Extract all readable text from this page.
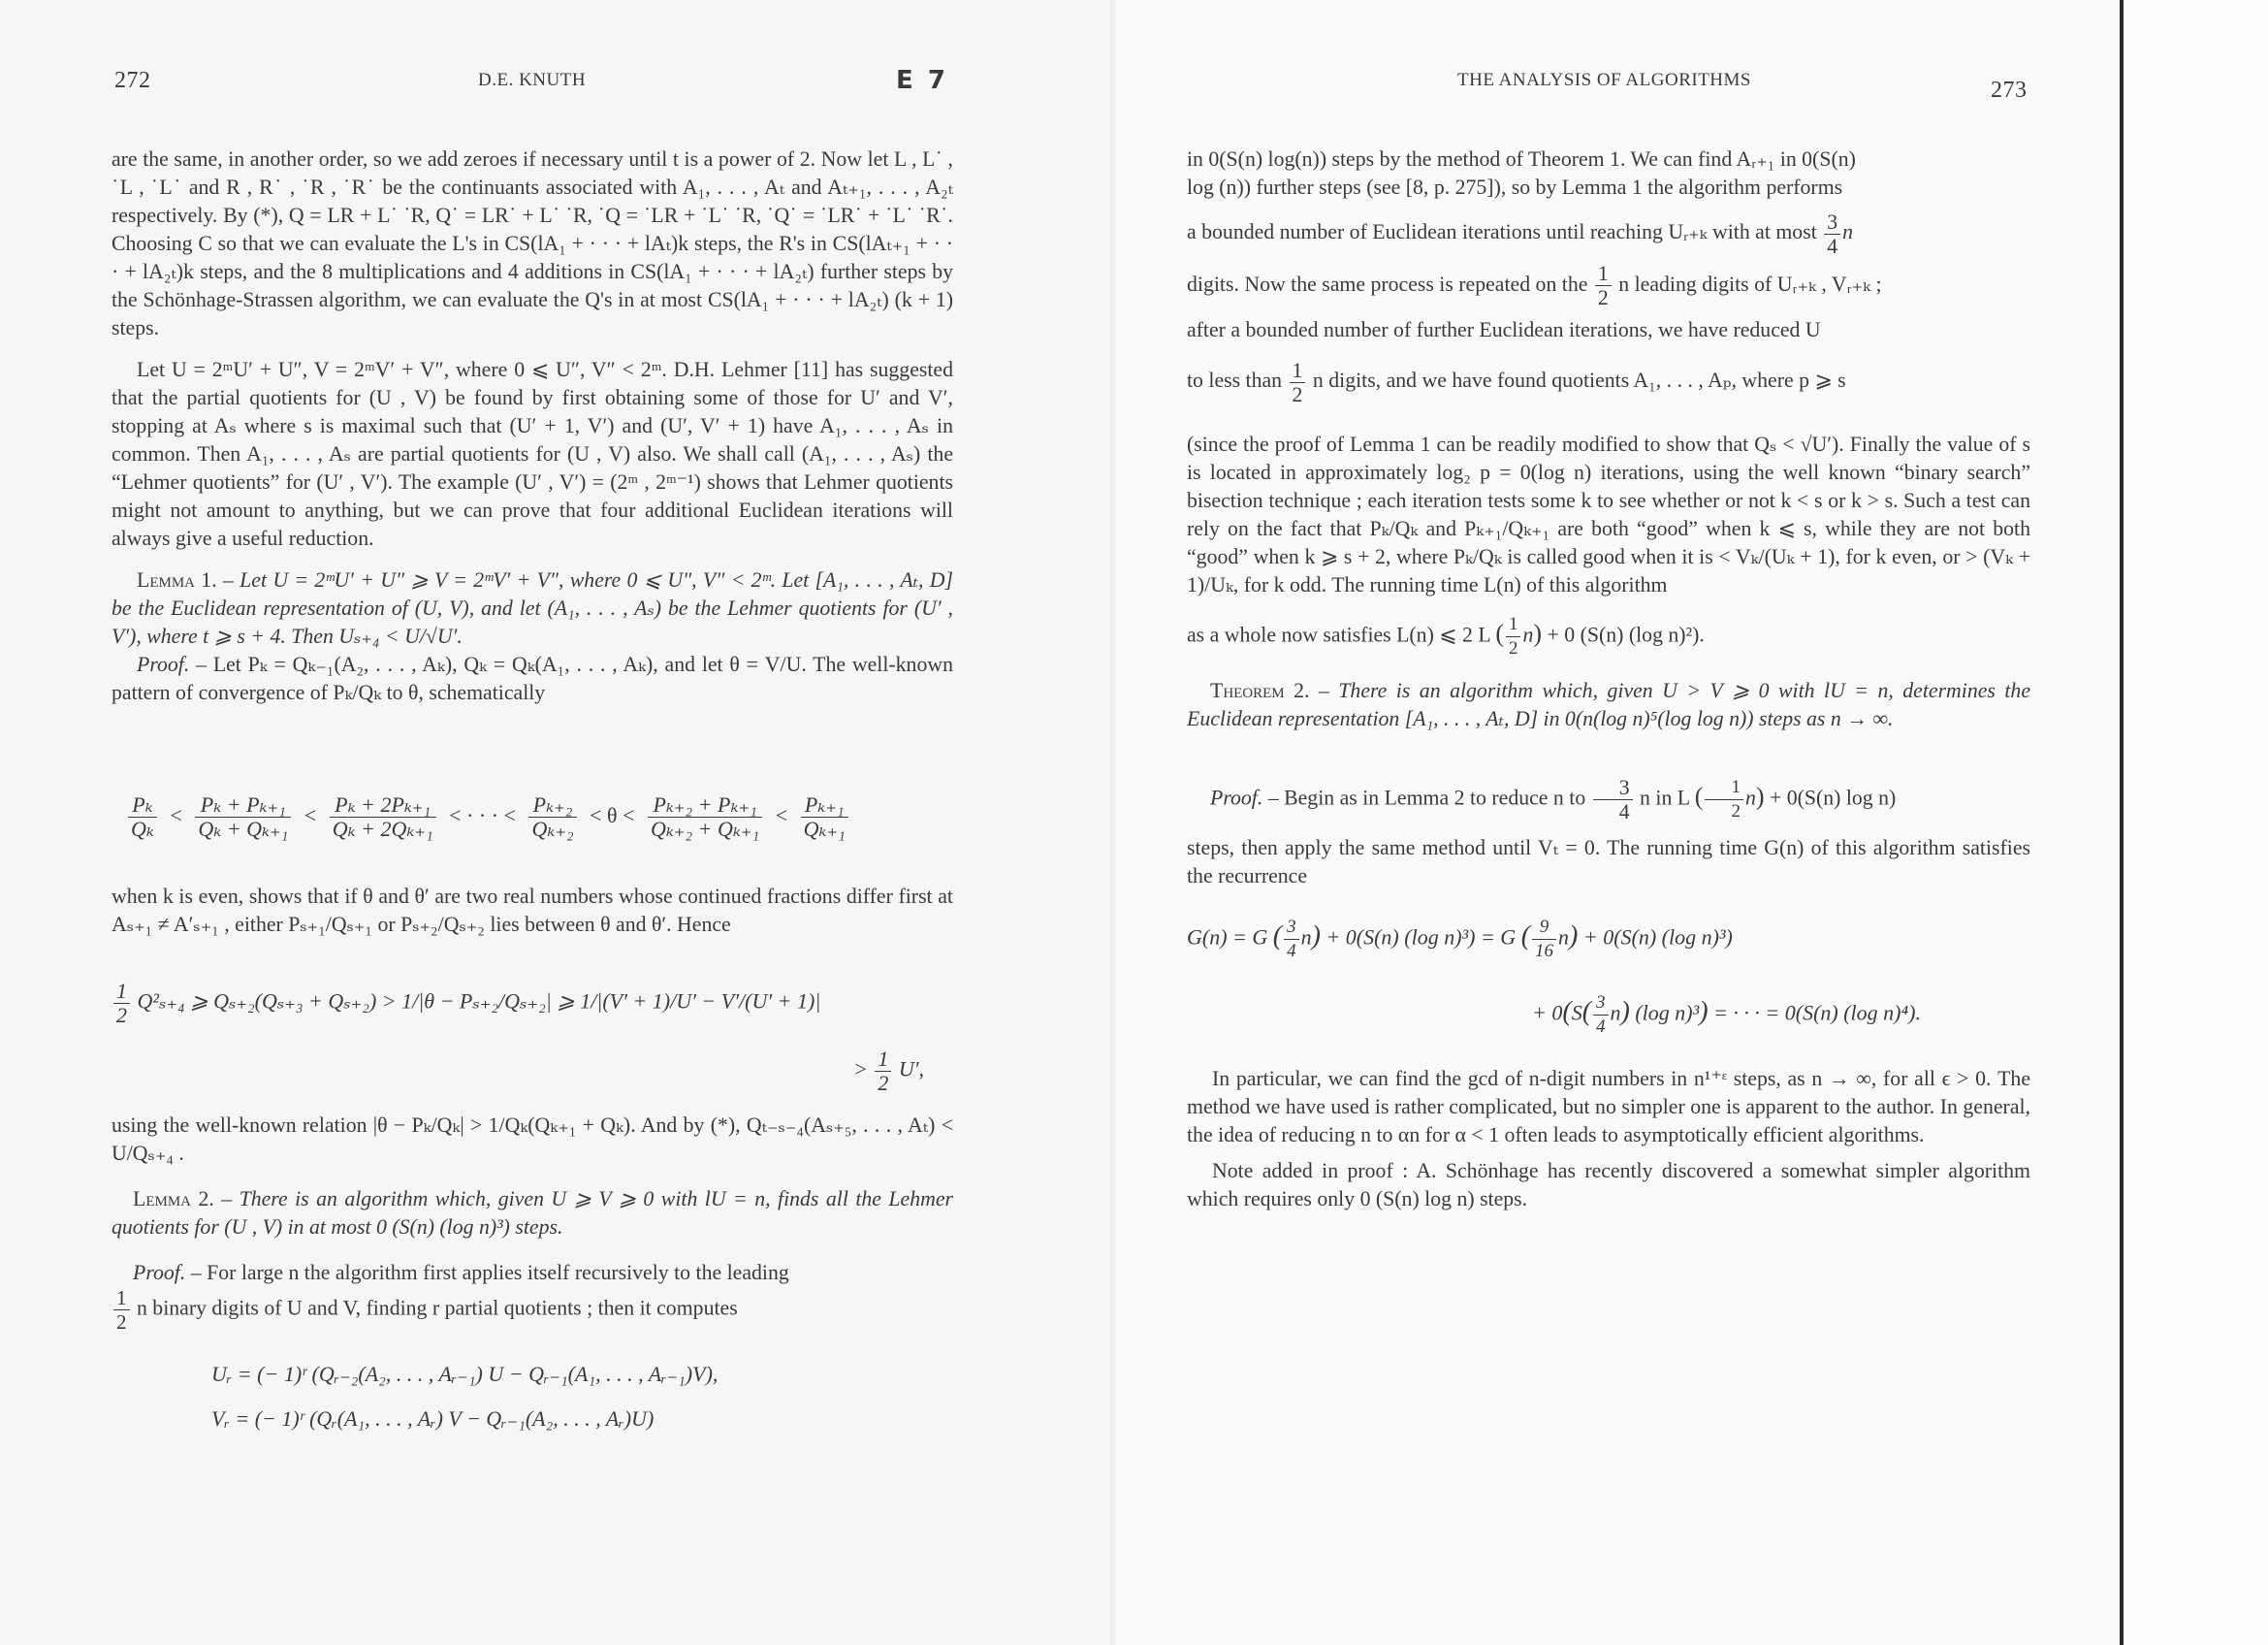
272	D.E. KNUTH	E 7

are the same, in another order, so we add zeroes if necessary until t is a power of 2. Now let L , L˙ , ˙L , ˙L˙ and R , R˙ , ˙R , ˙R˙ be the continuants associated with A₁, . . . , Aₜ and Aₜ₊₁, . . . , A₂ₜ respectively. By (*), Q = LR + L˙ ˙R, Q˙ = LR˙ + L˙ ˙R, ˙Q = ˙LR + ˙L˙ ˙R, ˙Q˙ = ˙LR˙ + ˙L˙ ˙R˙. Choosing C so that we can evaluate the L's in CS(lA₁ + · · · + lAₜ)k steps, the R's in CS(lAₜ₊₁ + · · · + lA₂ₜ)k steps, and the 8 multiplications and 4 additions in CS(lA₁ + · · · + lA₂ₜ) further steps by the Schönhage-Strassen algorithm, we can evaluate the Q's in at most CS(lA₁ + · · · + lA₂ₜ) (k + 1) steps.

Let U = 2ᵐU′ + U″, V = 2ᵐV′ + V″, where 0 ⩽ U″, V″ < 2ᵐ. D.H. Lehmer [11] has suggested that the partial quotients for (U , V) be found by first obtaining some of those for U′ and V′, stopping at Aₛ where s is maximal such that (U′ + 1, V′) and (U′, V′ + 1) have A₁, . . . , Aₛ in common. Then A₁, . . . , Aₛ are partial quotients for (U , V) also. We shall call (A₁, . . . , Aₛ) the “Lehmer quotients” for (U′ , V′). The example (U′ , V′) = (2ᵐ , 2ᵐ⁻¹) shows that Lehmer quotients might not amount to anything, but we can prove that four additional Euclidean iterations will always give a useful reduction.

Lemma 1. – Let U = 2ᵐU′ + U″ ⩾ V = 2ᵐV′ + V″, where 0 ⩽ U″, V″ < 2ᵐ. Let [A₁, . . . , Aₜ, D] be the Euclidean representation of (U, V), and let (A₁, . . . , Aₛ) be the Lehmer quotients for (U′ , V′), where t ⩾ s + 4. Then Uₛ₊₄ < U/√U′.

Proof. – Let Pₖ = Qₖ₋₁(A₂, . . . , Aₖ), Qₖ = Qₖ(A₁, . . . , Aₖ), and let θ = V/U. The well-known pattern of convergence of Pₖ/Qₖ to θ, schematically

$\frac{\text{Pₖ}}{\text{Qₖ}} < \frac{\text{Pₖ + Pₖ₊₁}}{\text{Qₖ + Qₖ₊₁}} < \frac{\text{Pₖ + 2Pₖ₊₁}}{\text{Qₖ + 2Qₖ₊₁}}$ < · · · < $\frac{\text{Pₖ₊₂}}{\text{Qₖ₊₂}} < \theta < \frac{\text{Pₖ₊₂ + Pₖ₊₁}}{\text{Qₖ₊₂ + Qₖ₊₁}} < \frac{\text{Pₖ₊₁}}{\text{Qₖ₊₁}}$
when k is even, shows that if θ and θ′ are two real numbers whose continued fractions differ first at Aₛ₊₁ ≠ A′ₛ₊₁ , either Pₛ₊₁/Qₛ₊₁ or Pₛ₊₂/Qₛ₊₂ lies between θ and θ′. Hence
$\frac{1}{2} Q^2_{s+4}$ ⩾ Qₛ₊₂(Qₛ₊₃ + Qₛ₊₂) > 1/|θ − Pₛ₊₂/Qₛ₊₂| ⩾ 1/|(V′ + 1)/U′ − V′/(U′ + 1)|
> $\frac{1}{2} U'$,
using the well-known relation |θ − Pₖ/Qₖ| > 1/Qₖ(Qₖ₊₁ + Qₖ). And by (*), Qₜ₋ₛ₋₄(Aₛ₊₅, . . . , Aₜ) < U/Qₛ₊₄ .
Lemma 2. – There is an algorithm which, given U ⩾ V ⩾ 0 with lU = n, finds all the Lehmer quotients for (U , V) in at most 0 (S(n) (log n)³) steps.
Proof. – For large n the algorithm first applies itself recursively to the leading
$\frac{1}{2}$ n binary digits of U and V, finding r partial quotients ; then it computes
Uᵣ = (− 1)ʳ (Qᵣ₋₂(A₂, . . . , Aᵣ₋₁) U − Qᵣ₋₁(A₁, . . . , Aᵣ₋₁)V),
Vᵣ = (− 1)ʳ (Qᵣ(A₁, . . . , Aᵣ) V − Qᵣ₋₁(A₂, . . . , Aᵣ)U)
THE ANALYSIS OF ALGORITHMS	273

in 0(S(n) log(n)) steps by the method of Theorem 1. We can find Aᵣ₊₁ in 0(S(n)

log (n)) further steps (see [8, p. 275]), so by Lemma 1 the algorithm performs

a bounded number of Euclidean iterations until reaching Uᵣ₊ₖ with at most $\frac{3}{4}$ n
digits. Now the same process is repeated on the $\frac{1}{2}$ n leading digits of Uᵣ₊ₖ , Vᵣ₊ₖ ;
after a bounded number of further Euclidean iterations, we have reduced U
to less than $\frac{1}{2}$ n digits, and we have found quotients A₁, . . . , Aₚ, where p ⩾ s
(since the proof of Lemma 1 can be readily modified to show that Qₛ < √U′). Finally the value of s is located in approximately log₂ p = 0(log n) iterations, using the well known “binary search” bisection technique ; each iteration tests some k to see whether or not k < s or k > s. Such a test can rely on the fact that Pₖ/Qₖ and Pₖ₊₁/Qₖ₊₁ are both “good” when k ⩽ s, while they are not both “good” when k ⩾ s + 2, where Pₖ/Qₖ is called good when it is < Vₖ/(Uₖ + 1), for k even, or > (Vₖ + 1)/Uₖ, for k odd. The running time L(n) of this algorithm
as a whole now satisfies L(n) ⩽ 2 L ( $\frac{1}{2} n) + 0$ (S(n) (log n)²).
Theorem 2. – There is an algorithm which, given U > V ⩾ 0 with lU = n, determines the Euclidean representation [A₁, . . . , Aₜ, D] in 0(n(log n)⁵(log log n)) steps as n → ∞.
Proof. – Begin as in Lemma 2 to reduce n to $\frac{3}{4}$ n in L ( $\frac{1}{2} n) + 0(S(n)$ log n)
steps, then apply the same method until Vₜ = 0. The running time G(n) of this algorithm satisfies the recurrence
G(n) = G ( $\frac{3}{4} n) + 0(S(n)$ (log n)³) = G ( $\frac{9}{16} n) + 0(S(n)$ (log n)³)
+ $0(S( \frac{3}{4} n)$ (log n)³) = · · · = 0(S(n) (log n)⁴).

In particular, we can find the gcd of n-digit numbers in n¹⁺ᵋ steps, as n → ∞, for all ϵ > 0. The method we have used is rather complicated, but no simpler one is apparent to the author. In general, the idea of reducing n to αn for α < 1 often leads to asymptotically efficient algorithms.

Note added in proof : A. Schönhage has recently discovered a somewhat simpler algorithm which requires only 0 (S(n) log n) steps.
